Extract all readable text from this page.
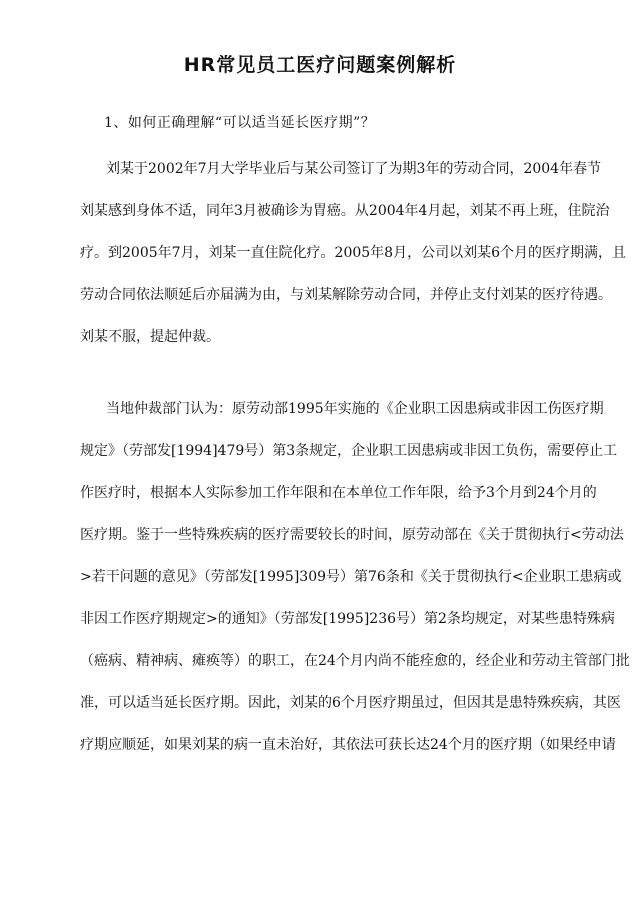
HR常见员工医疗问题案例解析
1、如何正确理解“可以适当延长医疗期”？
刘某于2002年7月大学毕业后与某公司签订了为期3年的劳动合同，2004年春节
刘某感到身体不适，同年3月被确诊为胃癌。从2004年4月起，刘某不再上班，住院治
疗。到2005年7月，刘某一直住院化疗。2005年8月，公司以刘某6个月的医疗期满，且
劳动合同依法顺延后亦届满为由，与刘某解除劳动合同，并停止支付刘某的医疗待遇。
刘某不服，提起仲裁。
当地仲裁部门认为：原劳动部1995年实施的《企业职工因患病或非因工伤医疗期
规定》（劳部发[1994]479号）第3条规定，企业职工因患病或非因工负伤，需要停止工
作医疗时，根据本人实际参加工作年限和在本单位工作年限，给予3个月到24个月的
医疗期。鉴于一些特殊疾病的医疗需要较长的时间，原劳动部在《关于贯彻执行<劳动法
>若干问题的意见》（劳部发[1995]309号）第76条和《关于贯彻执行<企业职工患病或
非因工作医疗期规定>的通知》（劳部发[1995]236号）第2条均规定，对某些患特殊病
（癌病、精神病、瘫痪等）的职工，在24个月内尚不能痊愈的，经企业和劳动主管部门批
准，可以适当延长医疗期。因此，刘某的6个月医疗期虽过，但因其是患特殊疾病，其医
疗期应顺延，如果刘某的病一直未治好，其依法可获长达24个月的医疗期（如果经申请
